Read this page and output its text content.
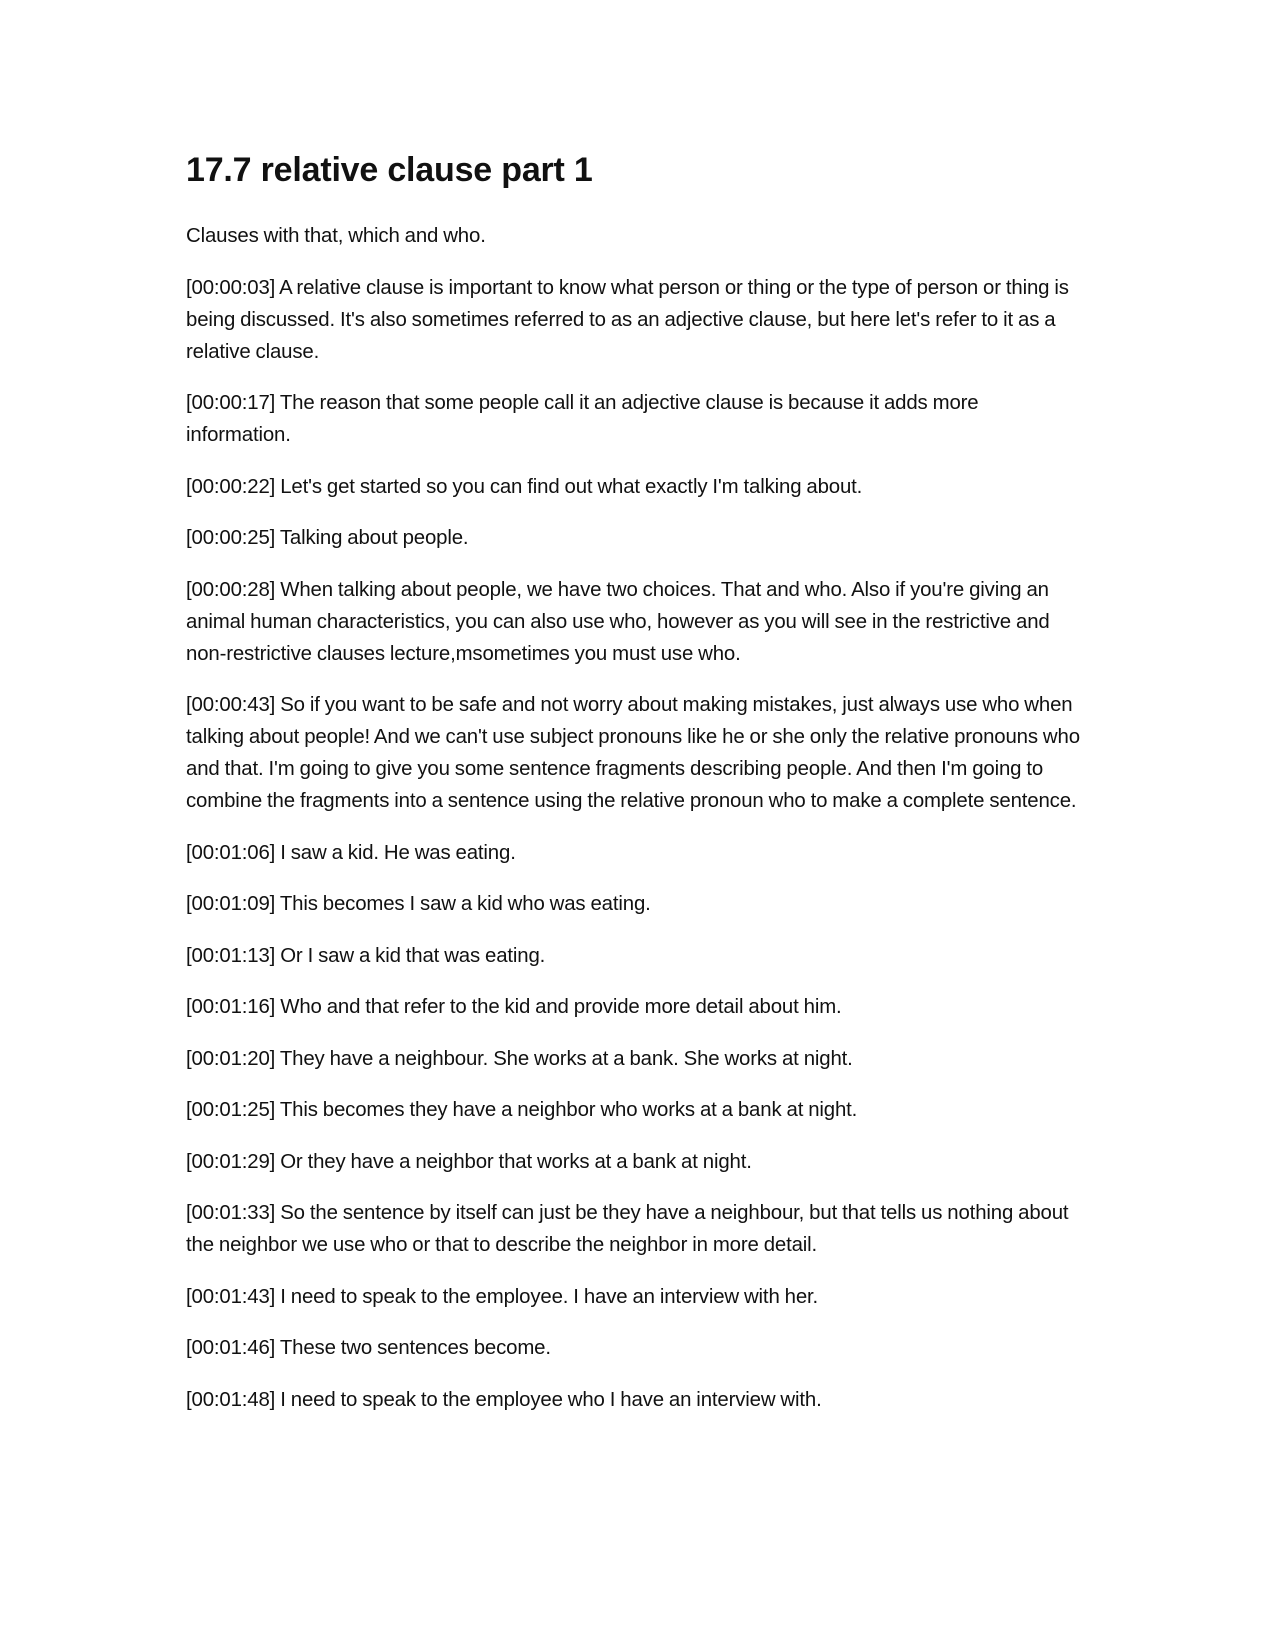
17.7 relative clause part 1

Clauses with that, which and who.

[00:00:03] A relative clause is important to know what person or thing or the type of person or thing is being discussed. It's also sometimes referred to as an adjective clause, but here let's refer to it as a relative clause.

[00:00:17] The reason that some people call it an adjective clause is because it adds more information.

[00:00:22] Let's get started so you can find out what exactly I'm talking about.

[00:00:25] Talking about people.

[00:00:28] When talking about people, we have two choices. That and who. Also if you're giving an animal human characteristics, you can also use who, however as you will see in the restrictive and non-restrictive clauses lecture,msometimes you must use who.

[00:00:43] So if you want to be safe and not worry about making mistakes, just always use who when talking about people! And we can't use subject pronouns like he or she only the relative pronouns who and that. I'm going to give you some sentence fragments describing people. And then I'm going to combine the fragments into a sentence using the relative pronoun who to make a complete sentence.

[00:01:06] I saw a kid. He was eating.

[00:01:09] This becomes I saw a kid who was eating.

[00:01:13] Or I saw a kid that was eating.

[00:01:16] Who and that refer to the kid and provide more detail about him.

[00:01:20] They have a neighbour. She works at a bank. She works at night.

[00:01:25] This becomes they have a neighbor who works at a bank at night.

[00:01:29] Or they have a neighbor that works at a bank at night.

[00:01:33] So the sentence by itself can just be they have a neighbour, but that tells us nothing about the neighbor we use who or that to describe the neighbor in more detail.

[00:01:43] I need to speak to the employee. I have an interview with her.

[00:01:46] These two sentences become.

[00:01:48] I need to speak to the employee who I have an interview with.
